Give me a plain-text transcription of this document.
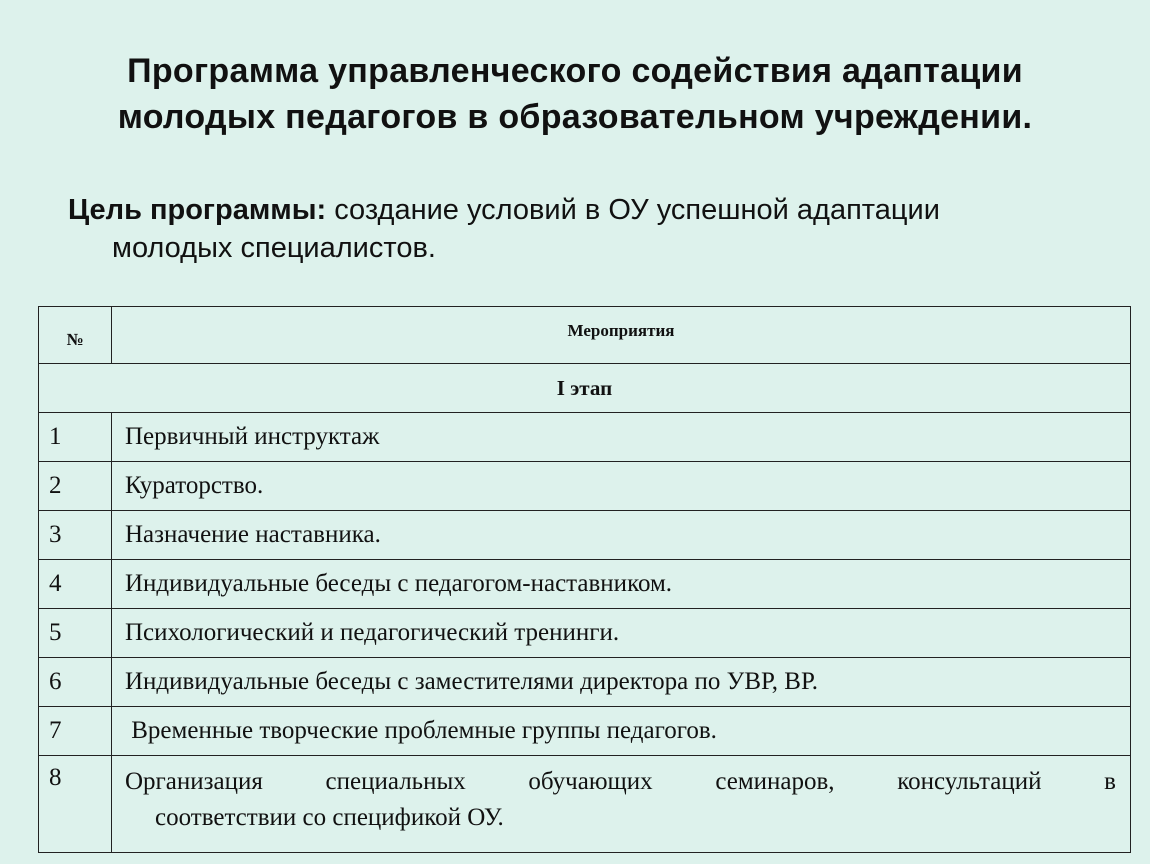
Программа управленческого содействия адаптации
молодых педагогов в образовательном учреждении.

Цель программы: создание условий в ОУ успешной адаптации
молодых специалистов.

№	Мероприятия
I этап	
1	Первичный инструктаж
2	Кураторство.
3	Назначение наставника.
4	Индивидуальные беседы с педагогом-наставником.
5	Психологический и педагогический тренинги.
6	Индивидуальные беседы с заместителями директора по УВР, ВР.
7	Временные творческие проблемные группы педагогов.
8	Организация специальных обучающих семинаров, консультаций в
соответствии со спецификой ОУ.
